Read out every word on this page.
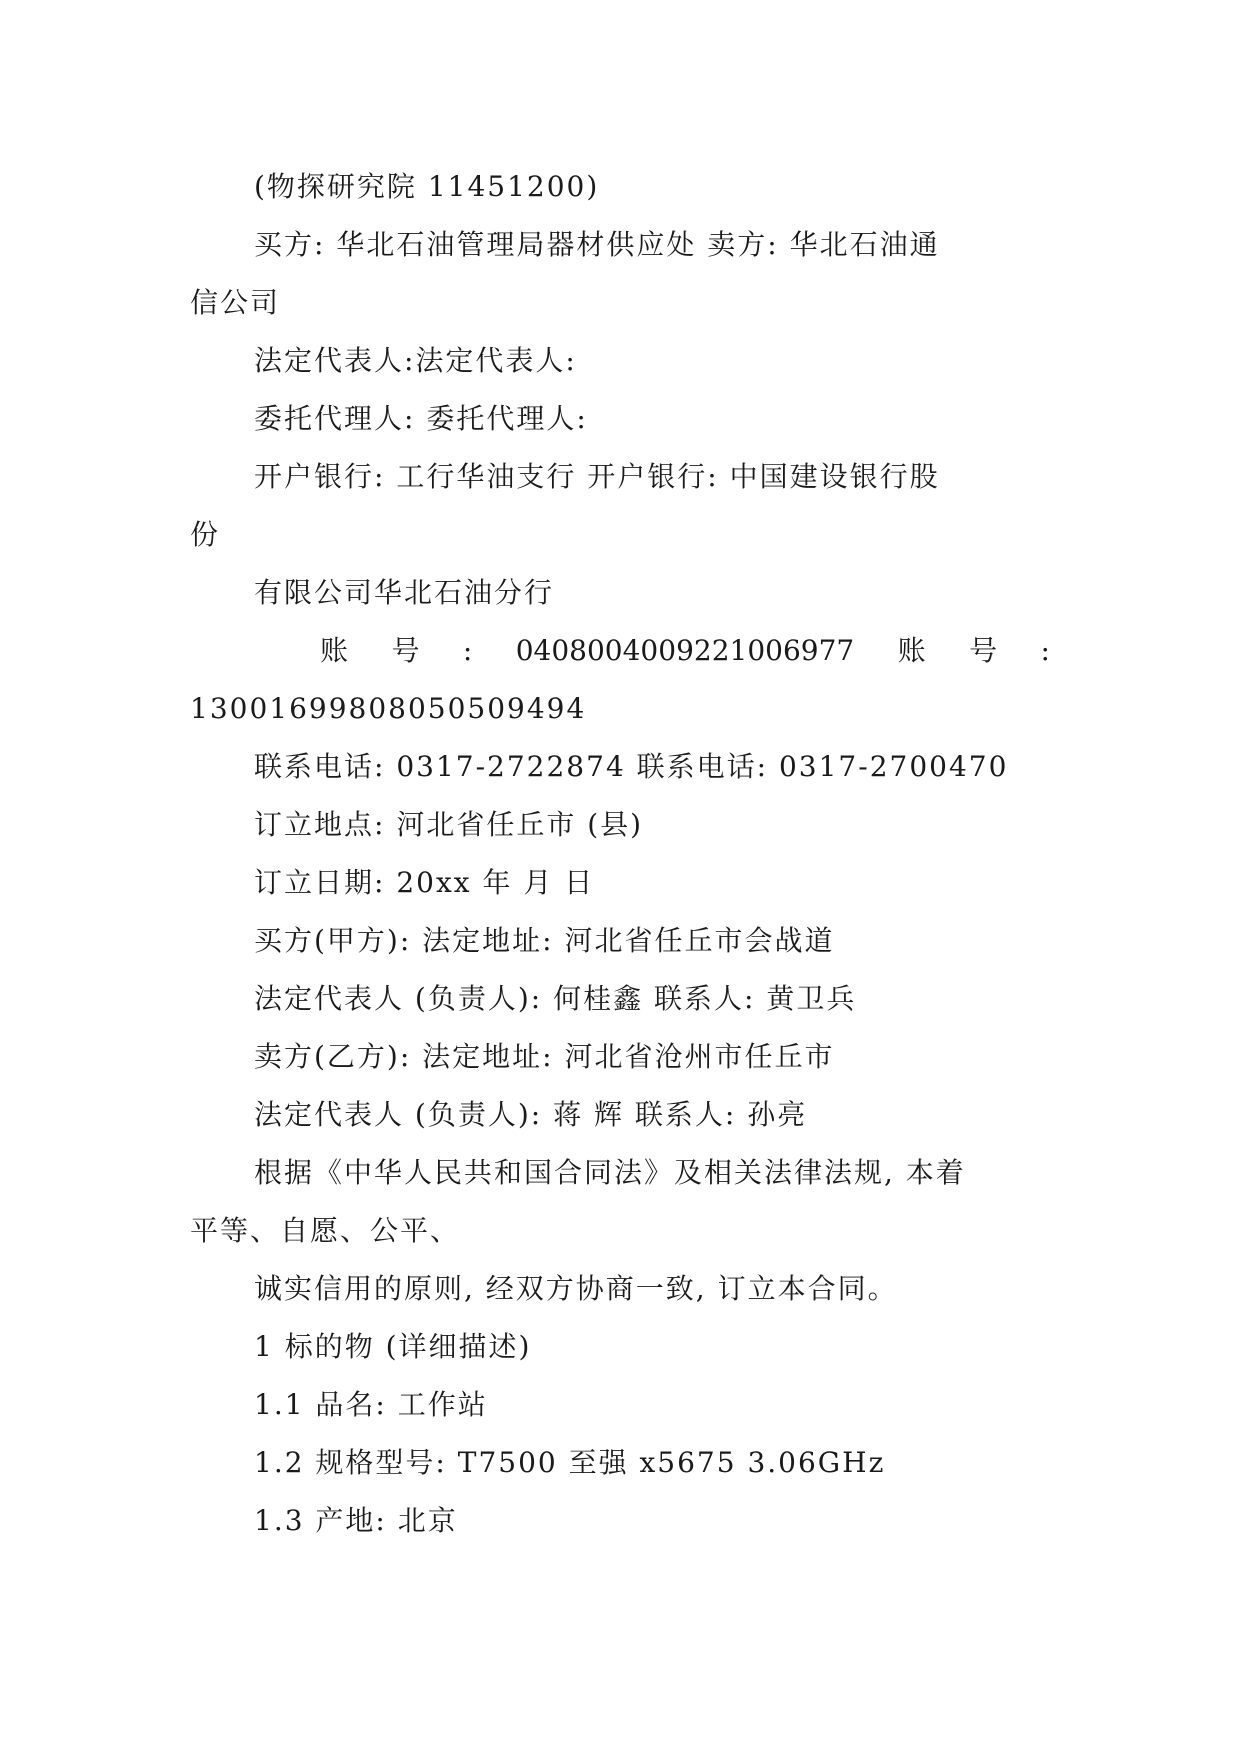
(物探研究院 11451200)
买方: 华北石油管理局器材供应处 卖方: 华北石油通
信公司
法定代表人:法定代表人:
委托代理人: 委托代理人:
开户银行: 工行华油支行 开户银行: 中国建设银行股
份
有限公司华北石油分行
账 号 : 0408004009221006977 账 号 :
13001699808050509494
联系电话: 0317-2722874 联系电话: 0317-2700470
订立地点: 河北省任丘市 (县)
订立日期: 20xx 年 月 日
买方(甲方): 法定地址: 河北省任丘市会战道
法定代表人 (负责人): 何桂鑫 联系人: 黄卫兵
卖方(乙方): 法定地址: 河北省沧州市任丘市
法定代表人 (负责人): 蒋 辉 联系人: 孙亮
根据《中华人民共和国合同法》及相关法律法规, 本着
平等、自愿、公平、
诚实信用的原则, 经双方协商一致, 订立本合同。
1 标的物 (详细描述)
1.1 品名: 工作站
1.2 规格型号: T7500 至强 x5675 3.06GHz
1.3 产地: 北京
